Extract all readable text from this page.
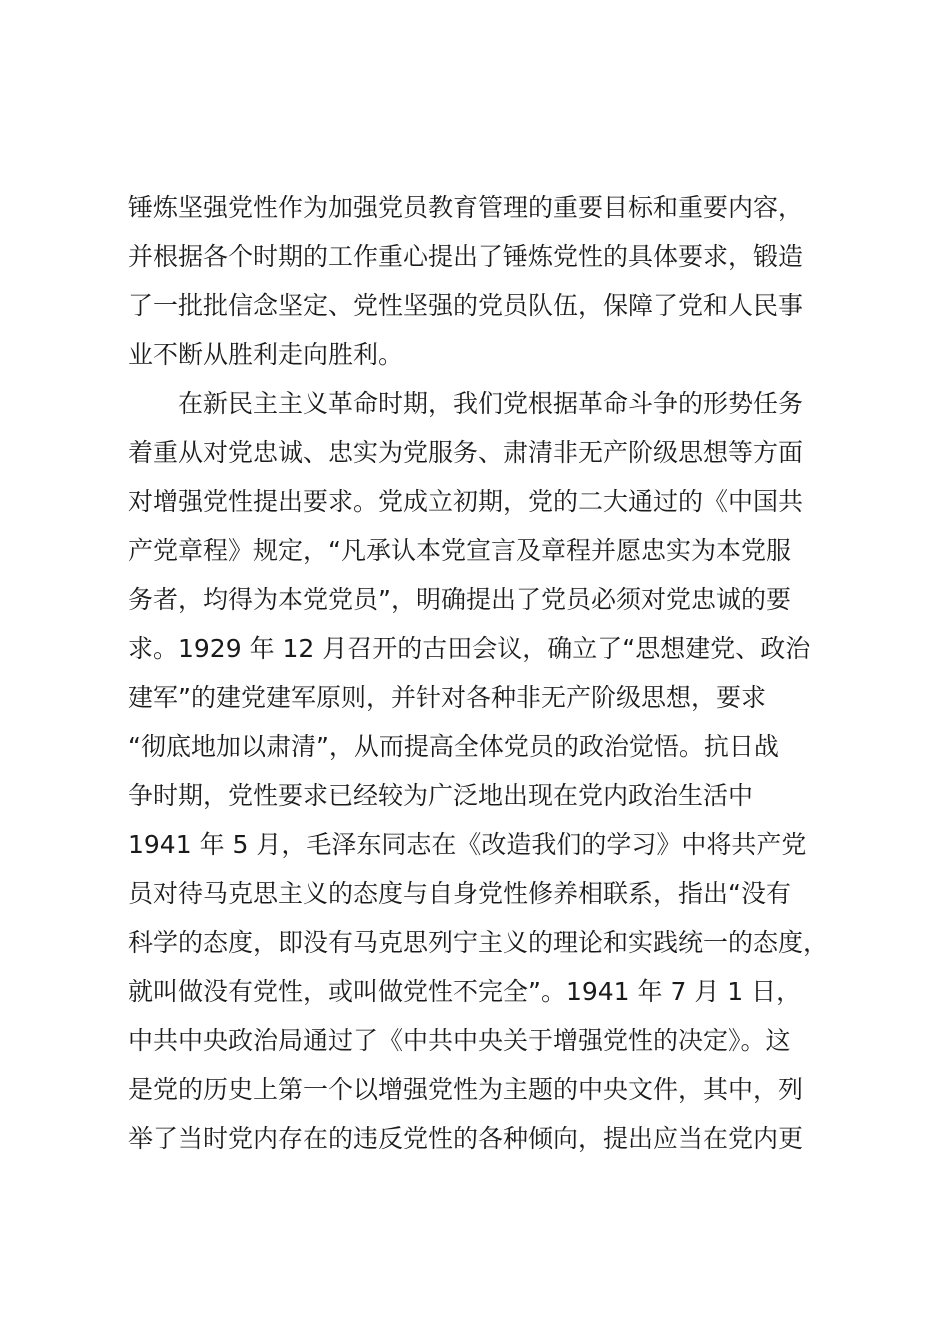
锤炼坚强党性作为加强党员教育管理的重要目标和重要内容，
并根据各个时期的工作重心提出了锤炼党性的具体要求，锻造
了一批批信念坚定、党性坚强的党员队伍，保障了党和人民事
业不断从胜利走向胜利。
在新民主主义革命时期，我们党根据革命斗争的形势任务
着重从对党忠诚、忠实为党服务、肃清非无产阶级思想等方面
对增强党性提出要求。党成立初期，党的二大通过的《中国共
产党章程》规定，“凡承认本党宣言及章程并愿忠实为本党服
务者，均得为本党党员”，明确提出了党员必须对党忠诚的要
求。1929 年 12 月召开的古田会议，确立了“思想建党、政治
建军”的建党建军原则，并针对各种非无产阶级思想，要求
“彻底地加以肃清”，从而提高全体党员的政治觉悟。抗日战
争时期，党性要求已经较为广泛地出现在党内政治生活中
1941 年 5 月，毛泽东同志在《改造我们的学习》中将共产党
员对待马克思主义的态度与自身党性修养相联系，指出“没有
科学的态度，即没有马克思列宁主义的理论和实践统一的态度，
就叫做没有党性，或叫做党性不完全”。1941 年 7 月 1 日，
中共中央政治局通过了《中共中央关于增强党性的决定》。这
是党的历史上第一个以增强党性为主题的中央文件，其中，列
举了当时党内存在的违反党性的各种倾向，提出应当在党内更
